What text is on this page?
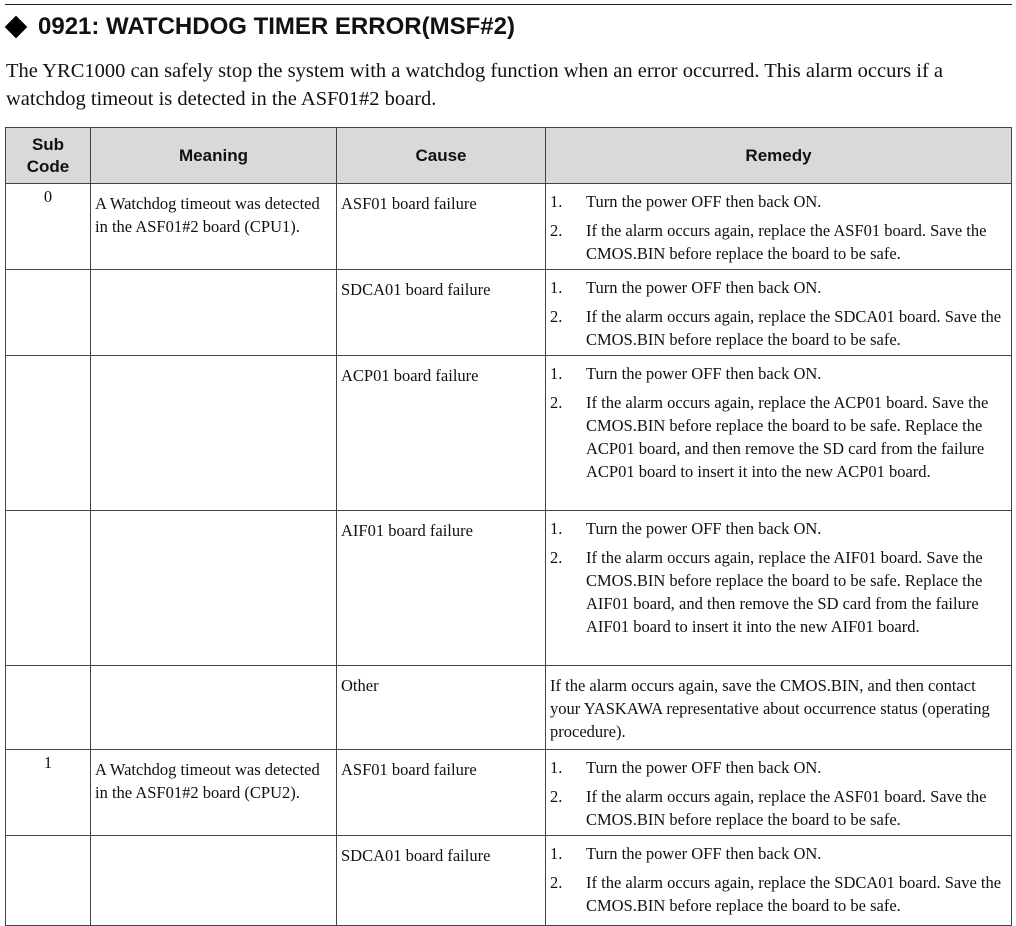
0921: WATCHDOG TIMER ERROR(MSF#2)
The YRC1000 can safely stop the system with a watchdog function when an error occurred. This alarm occurs if a watchdog timeout is detected in the ASF01#2 board.
Sub Code	Meaning	Cause	Remedy
0	A Watchdog timeout was detected in the ASF01#2 board (CPU1).	ASF01 board failure	1. Turn the power OFF then back ON.
2. If the alarm occurs again, replace the ASF01 board. Save the CMOS.BIN before replace the board to be safe.

		SDCA01 board failure	1. Turn the power OFF then back ON.
2. If the alarm occurs again, replace the SDCA01 board. Save the CMOS.BIN before replace the board to be safe.

		ACP01 board failure	1. Turn the power OFF then back ON.
2. If the alarm occurs again, replace the ACP01 board. Save the CMOS.BIN before replace the board to be safe. Replace the ACP01 board, and then remove the SD card from the failure ACP01 board to insert it into the new ACP01 board.

		AIF01 board failure	1. Turn the power OFF then back ON.
2. If the alarm occurs again, replace the AIF01 board. Save the CMOS.BIN before replace the board to be safe. Replace the AIF01 board, and then remove the SD card from the failure AIF01 board to insert it into the new AIF01 board.

		Other	If the alarm occurs again, save the CMOS.BIN, and then contact your YASKAWA representative about occurrence status (operating procedure).
1	A Watchdog timeout was detected in the ASF01#2 board (CPU2).	ASF01 board failure	1. Turn the power OFF then back ON.
2. If the alarm occurs again, replace the ASF01 board. Save the CMOS.BIN before replace the board to be safe.

		SDCA01 board failure	1. Turn the power OFF then back ON.
2. If the alarm occurs again, replace the SDCA01 board. Save the CMOS.BIN before replace the board to be safe.
